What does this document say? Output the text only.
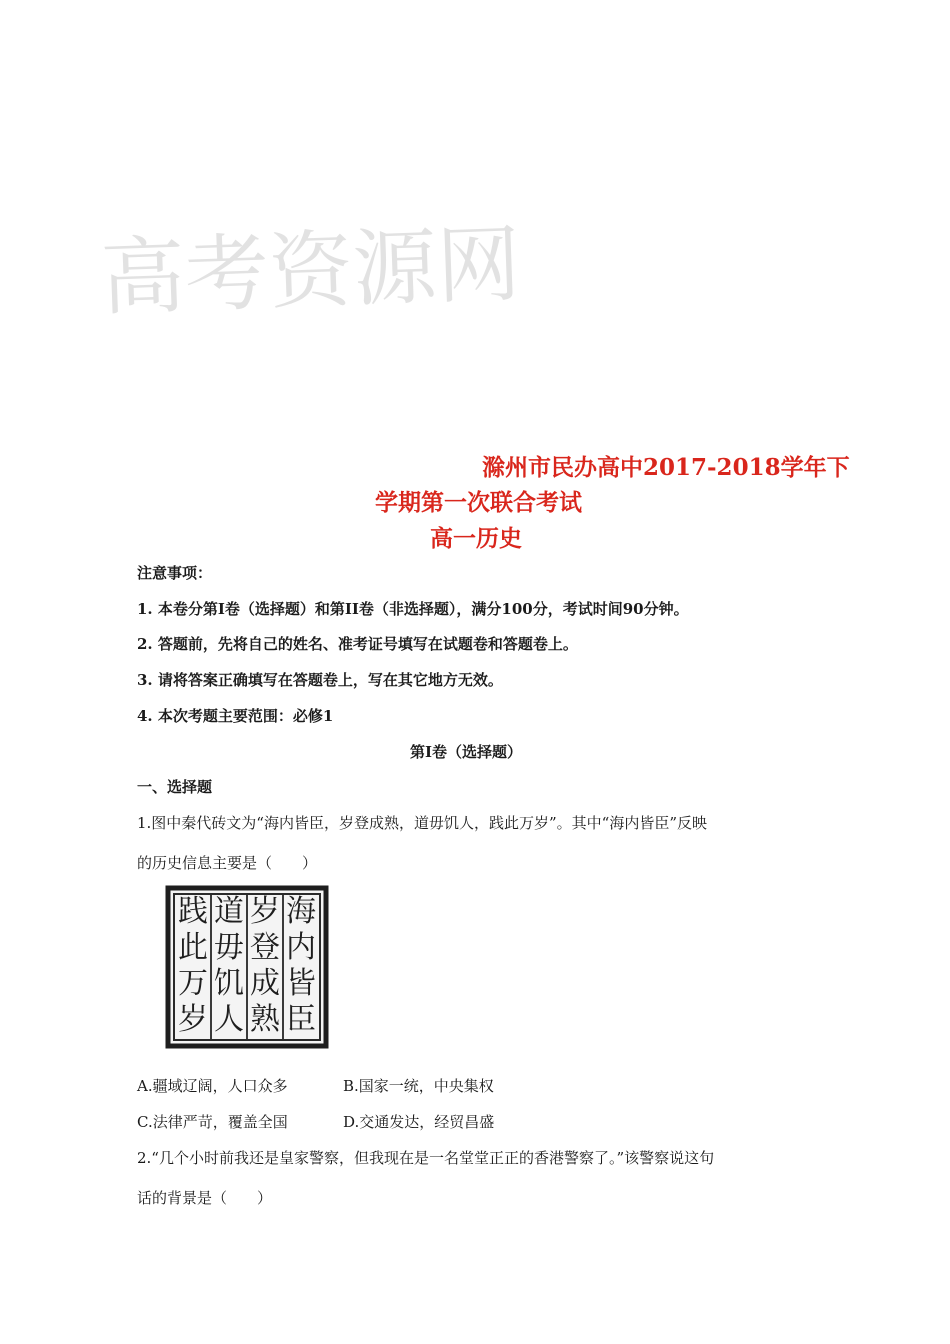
高考资源网
滁州市民办高中2017-2018学年下
学期第一次联合考试
高一历史
注意事项：
1. 本卷分第I卷（选择题）和第II卷（非选择题），满分100分，考试时间90分钟。
2. 答题前，先将自己的姓名、准考证号填写在试题卷和答题卷上。
3. 请将答案正确填写在答题卷上，写在其它地方无效。
4. 本次考题主要范围：必修1
第I卷（选择题）
一、选择题
1.图中秦代砖文为“海内皆臣，岁登成熟，道毋饥人，践此万岁”。其中“海内皆臣”反映
的历史信息主要是（　　）
践 道 岁 海
此 毋 登 内
万 饥 成 皆
岁 人 熟 臣
A.疆域辽阔，人口众多	B.国家一统，中央集权
C.法律严苛，覆盖全国	D.交通发达，经贸昌盛
2.“几个小时前我还是皇家警察，但我现在是一名堂堂正正的香港警察了。”该警察说这句
话的背景是（　　）
